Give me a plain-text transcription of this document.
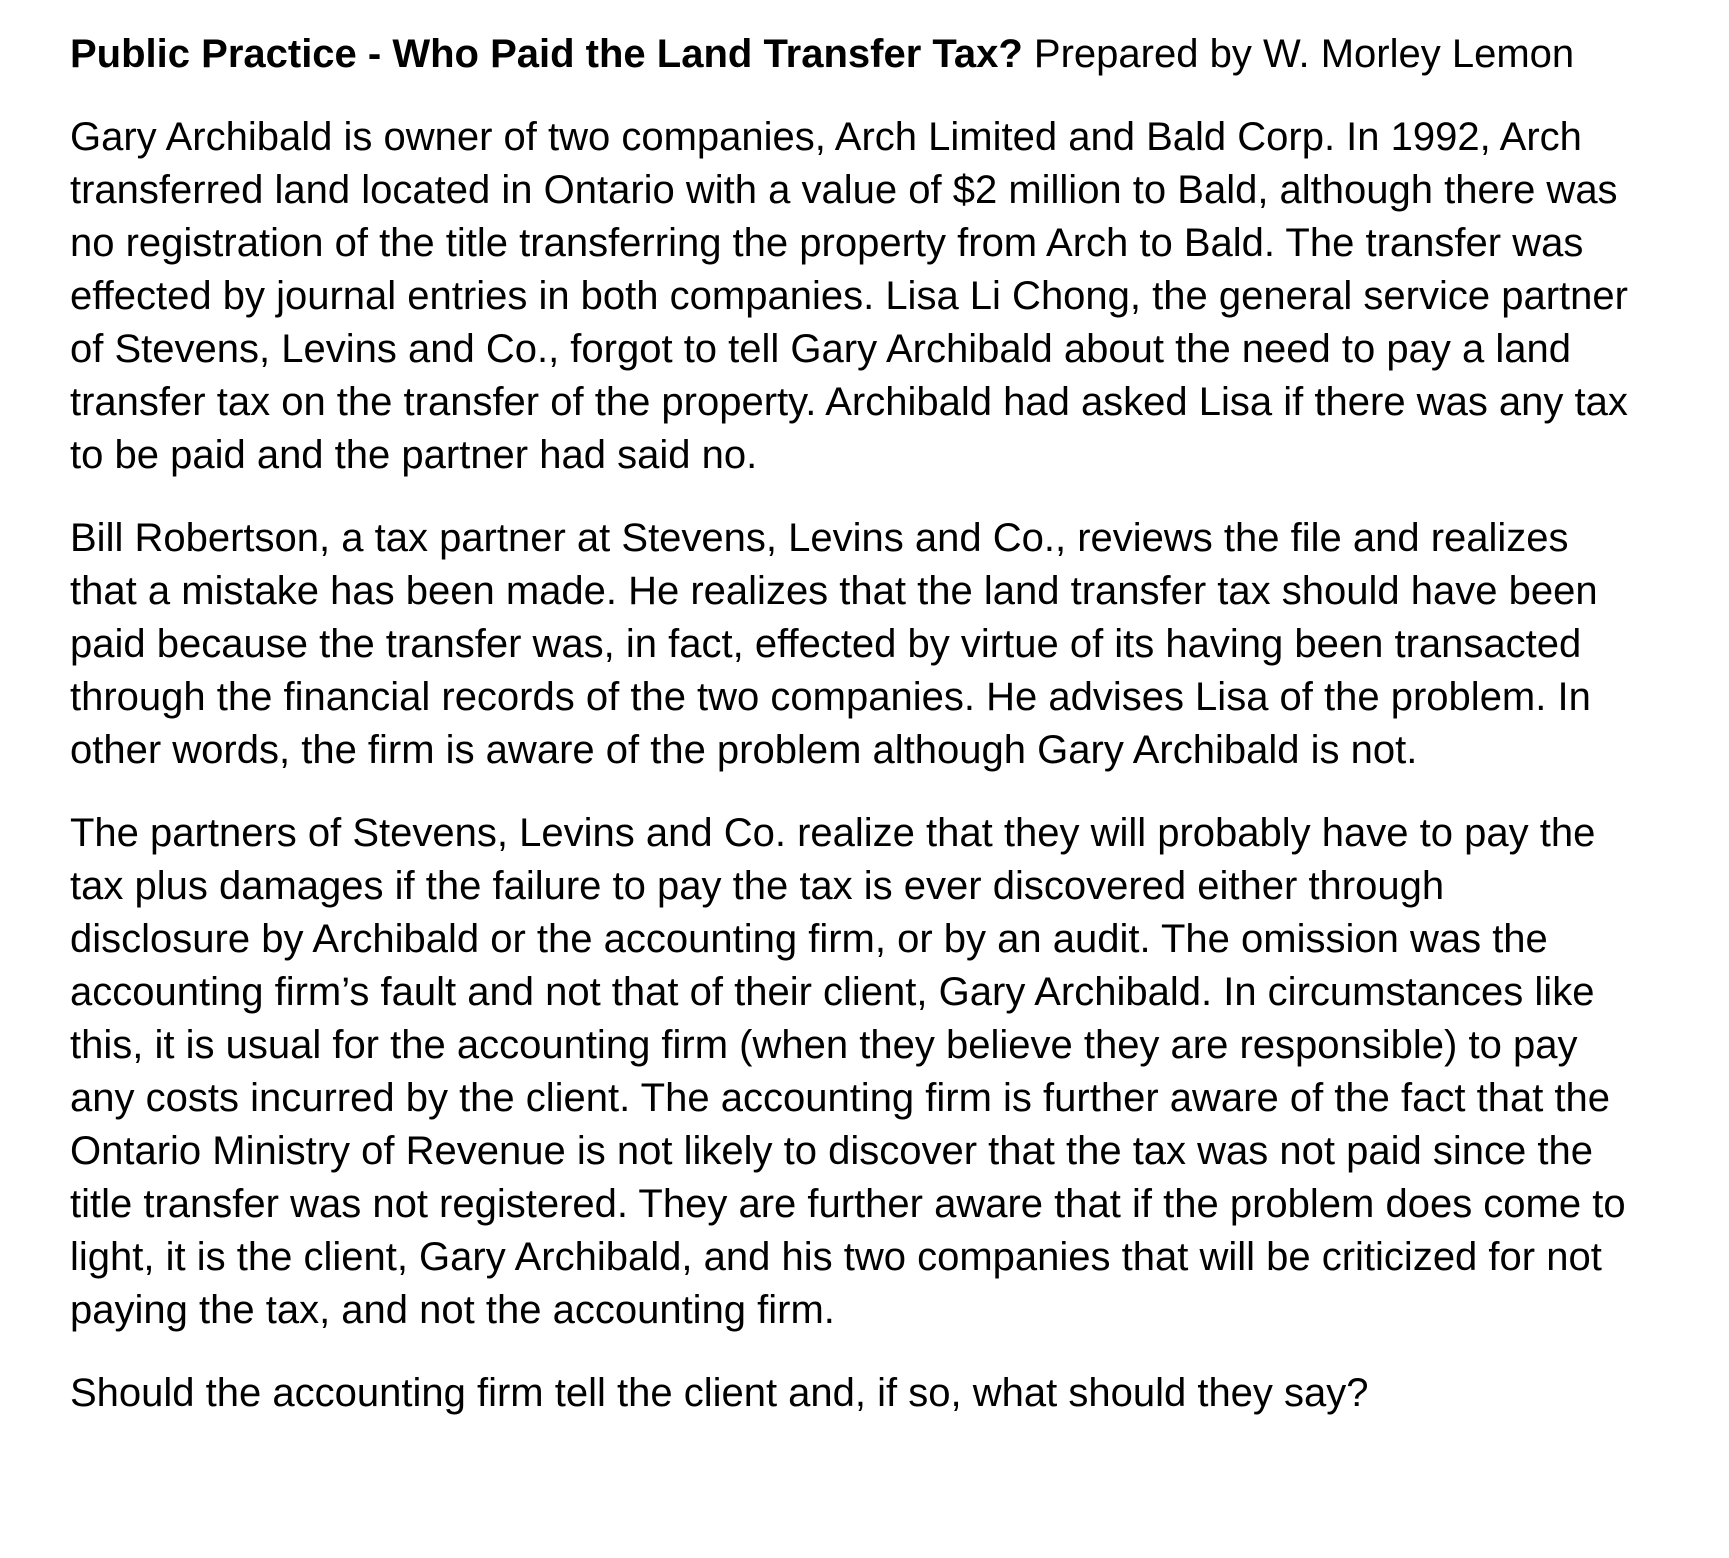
Public Practice - Who Paid the Land Transfer Tax? Prepared by W. Morley Lemon

Gary Archibald is owner of two companies, Arch Limited and Bald Corp. In 1992, Arch
transferred land located in Ontario with a value of $2 million to Bald, although there was
no registration of the title transferring the property from Arch to Bald. The transfer was
effected by journal entries in both companies. Lisa Li Chong, the general service partner
of Stevens, Levins and Co., forgot to tell Gary Archibald about the need to pay a land
transfer tax on the transfer of the property. Archibald had asked Lisa if there was any tax
to be paid and the partner had said no.

Bill Robertson, a tax partner at Stevens, Levins and Co., reviews the file and realizes
that a mistake has been made. He realizes that the land transfer tax should have been
paid because the transfer was, in fact, effected by virtue of its having been transacted
through the financial records of the two companies. He advises Lisa of the problem. In
other words, the firm is aware of the problem although Gary Archibald is not.

The partners of Stevens, Levins and Co. realize that they will probably have to pay the
tax plus damages if the failure to pay the tax is ever discovered either through
disclosure by Archibald or the accounting firm, or by an audit. The omission was the
accounting firm’s fault and not that of their client, Gary Archibald. In circumstances like
this, it is usual for the accounting firm (when they believe they are responsible) to pay
any costs incurred by the client. The accounting firm is further aware of the fact that the
Ontario Ministry of Revenue is not likely to discover that the tax was not paid since the
title transfer was not registered. They are further aware that if the problem does come to
light, it is the client, Gary Archibald, and his two companies that will be criticized for not
paying the tax, and not the accounting firm.

Should the accounting firm tell the client and, if so, what should they say?
